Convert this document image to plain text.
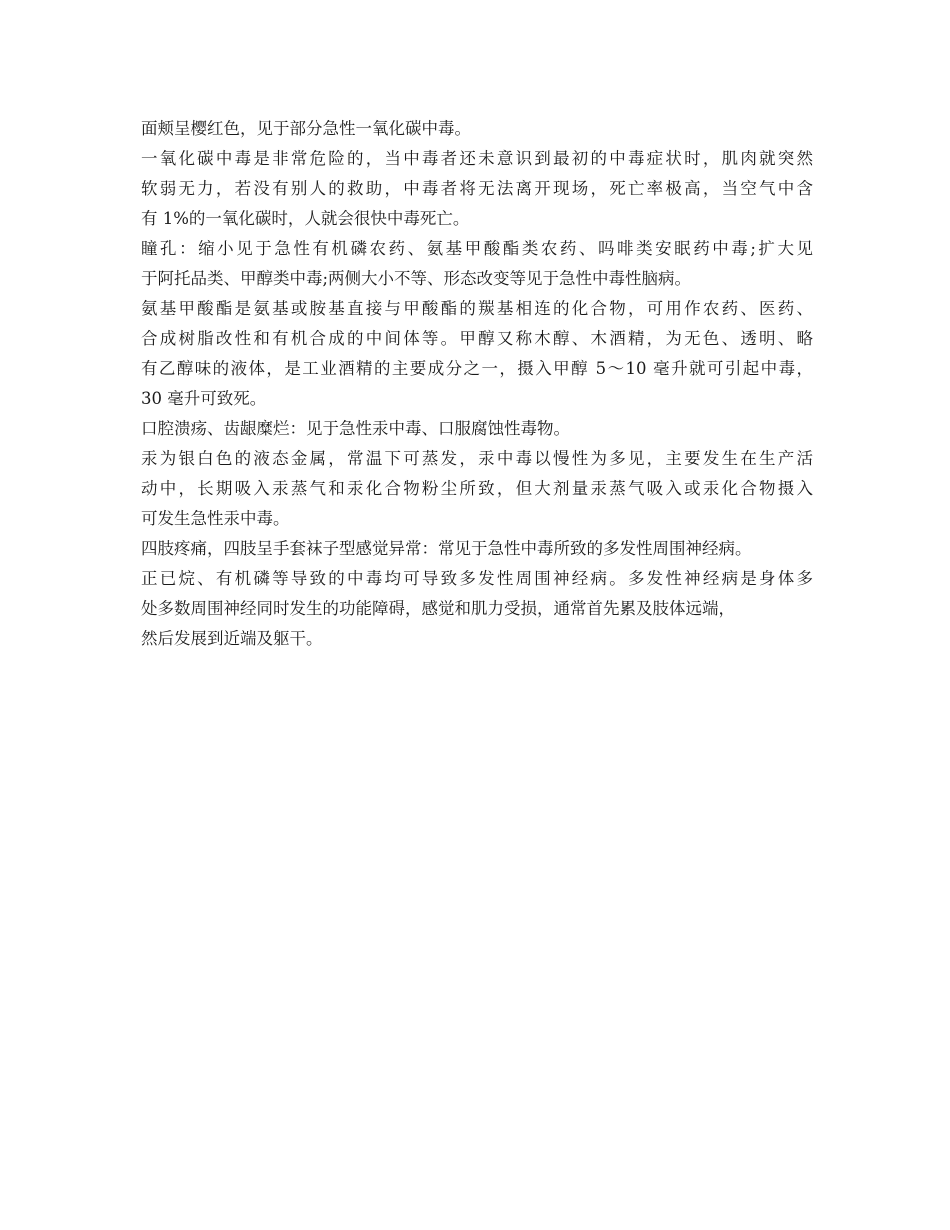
面颊呈樱红色，见于部分急性一氧化碳中毒。
一氧化碳中毒是非常危险的，当中毒者还未意识到最初的中毒症状时，肌肉就突然
软弱无力，若没有别人的救助，中毒者将无法离开现场，死亡率极高，当空气中含
有 1%的一氧化碳时，人就会很快中毒死亡。
瞳孔：缩小见于急性有机磷农药、氨基甲酸酯类农药、吗啡类安眠药中毒;扩大见
于阿托品类、甲醇类中毒;两侧大小不等、形态改变等见于急性中毒性脑病。
氨基甲酸酯是氨基或胺基直接与甲酸酯的羰基相连的化合物，可用作农药、医药、
合成树脂改性和有机合成的中间体等。甲醇又称木醇、木酒精，为无色、透明、略
有乙醇味的液体，是工业酒精的主要成分之一，摄入甲醇 5～10 毫升就可引起中毒，
30 毫升可致死。
口腔溃疡、齿龈糜烂：见于急性汞中毒、口服腐蚀性毒物。
汞为银白色的液态金属，常温下可蒸发，汞中毒以慢性为多见，主要发生在生产活
动中，长期吸入汞蒸气和汞化合物粉尘所致，但大剂量汞蒸气吸入或汞化合物摄入
可发生急性汞中毒。
四肢疼痛，四肢呈手套袜子型感觉异常：常见于急性中毒所致的多发性周围神经病。
正已烷、有机磷等导致的中毒均可导致多发性周围神经病。多发性神经病是身体多
处多数周围神经同时发生的功能障碍，感觉和肌力受损，通常首先累及肢体远端，
然后发展到近端及躯干。
